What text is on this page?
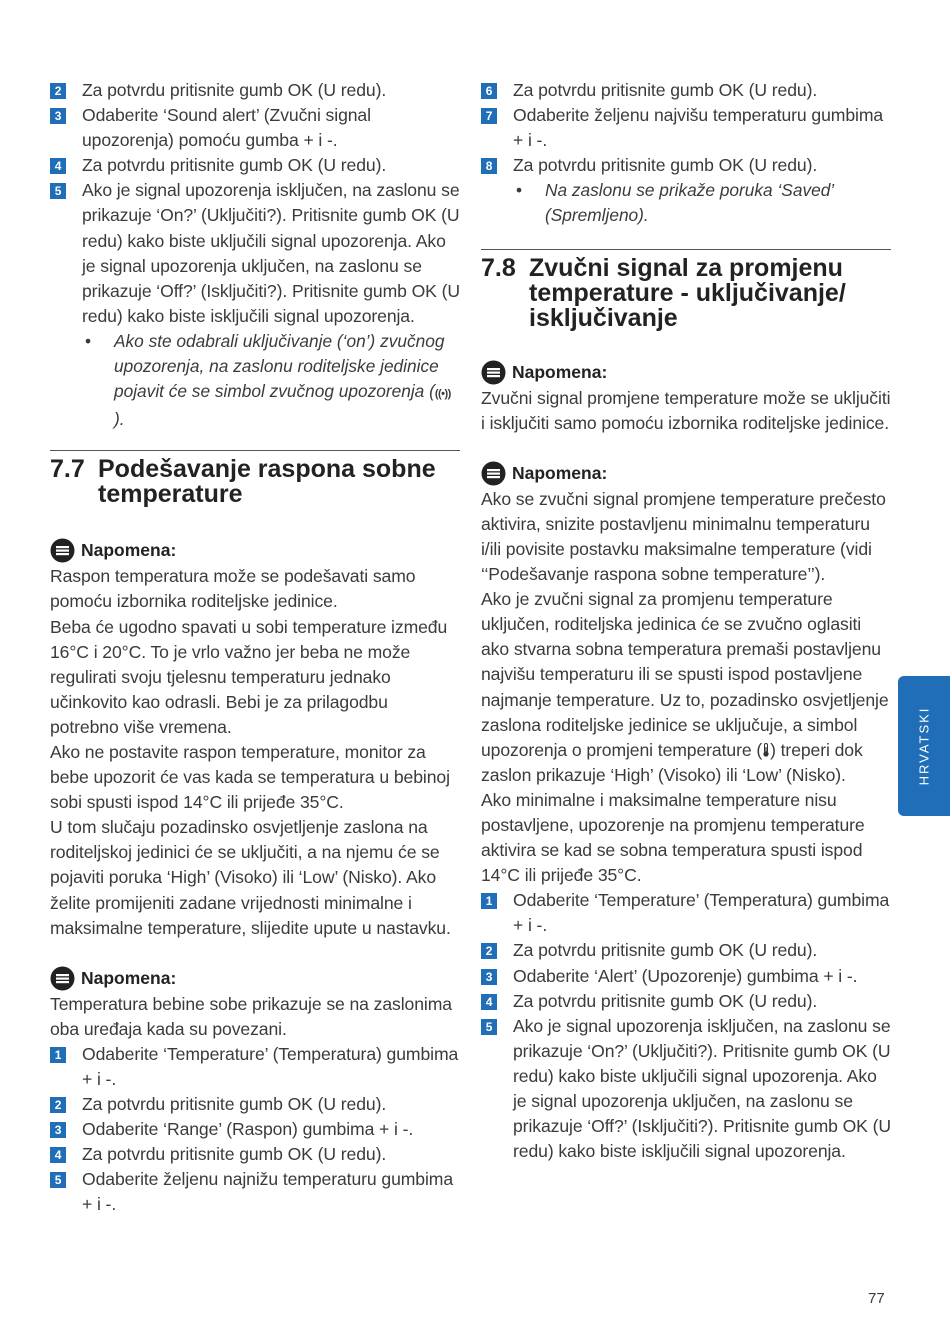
2 Za potvrdu pritisnite gumb OK (U redu).
3 Odaberite ‘Sound alert’ (Zvučni signal upozorenja) pomoću gumba + i -.
4 Za potvrdu pritisnite gumb OK (U redu).
5 Ako je signal upozorenja isključen, na zaslonu se prikazuje ‘On?’ (Uključiti?). Pritisnite gumb OK (U redu) kako biste uključili signal upozorenja. Ako je signal upozorenja uključen, na zaslonu se prikazuje ‘Off?’ (Isključiti?). Pritisnite gumb OK (U redu) kako biste isključili signal upozorenja.
• Ako ste odabrali uključivanje (‘on’) zvučnog upozorenja, na zaslonu roditeljske jedinice pojavit će se simbol zvučnog upozorenja (((•))).
7.7 Podešavanje raspona sobne temperature
Napomena:
Raspon temperatura može se podešavati samo pomoću izbornika roditeljske jedinice.
Beba će ugodno spavati u sobi temperature između 16°C i 20°C. To je vrlo važno jer beba ne može regulirati svoju tjelesnu temperaturu jednako učinkovito kao odrasli. Bebi je za prilagodbu potrebno više vremena.
Ako ne postavite raspon temperature, monitor za bebe upozorit će vas kada se temperatura u bebinoj sobi spusti ispod 14°C ili prijeđe 35°C.
U tom slučaju pozadinsko osvjetljenje zaslona na roditeljskoj jedinici će se uključiti, a na njemu će se pojaviti poruka ‘High’ (Visoko) ili ‘Low’ (Nisko). Ako želite promijeniti zadane vrijednosti minimalne i maksimalne temperature, slijedite upute u nastavku.
Napomena:
Temperatura bebine sobe prikazuje se na zaslonima oba uređaja kada su povezani.
1 Odaberite ‘Temperature’ (Temperatura) gumbima + i -.
2 Za potvrdu pritisnite gumb OK (U redu).
3 Odaberite ‘Range’ (Raspon) gumbima + i -.
4 Za potvrdu pritisnite gumb OK (U redu).
5 Odaberite željenu najnižu temperaturu gumbima + i -.
6 Za potvrdu pritisnite gumb OK (U redu).
7 Odaberite željenu najvišu temperaturu gumbima + i -.
8 Za potvrdu pritisnite gumb OK (U redu).
• Na zaslonu se prikaže poruka ‘Saved’ (Spremljeno).
7.8 Zvučni signal za promjenu temperature - uključivanje/ isključivanje
Napomena:
Zvučni signal promjene temperature može se uključiti i isključiti samo pomoću izbornika roditeljske jedinice.
Napomena:
Ako se zvučni signal promjene temperature prečesto aktivira, snizite postavljenu minimalnu temperaturu i/ili povisite postavku maksimalne temperature (vidi ‘‘Podešavanje raspona sobne temperature’’).
Ako je zvučni signal za promjenu temperature uključen, roditeljska jedinica će se zvučno oglasiti ako stvarna sobna temperatura premaši postavljenu najvišu temperaturu ili se spusti ispod postavljene najmanje temperature. Uz to, pozadinsko osvjetljenje zaslona roditeljske jedinice se uključuje, a simbol upozorenja o promjeni temperature ( ) treperi dok zaslon prikazuje ‘High’ (Visoko) ili ‘Low’ (Nisko).
Ako minimalne i maksimalne temperature nisu postavljene, upozorenje na promjenu temperature aktivira se kad se sobna temperatura spusti ispod 14°C ili prijeđe 35°C.
1 Odaberite ‘Temperature’ (Temperatura) gumbima + i -.
2 Za potvrdu pritisnite gumb OK (U redu).
3 Odaberite ‘Alert’ (Upozorenje) gumbima + i -.
4 Za potvrdu pritisnite gumb OK (U redu).
5 Ako je signal upozorenja isključen, na zaslonu se prikazuje ‘On?’ (Uključiti?). Pritisnite gumb OK (U redu) kako biste uključili signal upozorenja. Ako je signal upozorenja uključen, na zaslonu se prikazuje ‘Off?’ (Isključiti?). Pritisnite gumb OK (U redu) kako biste isključili signal upozorenja.
HRVATSKI
77
